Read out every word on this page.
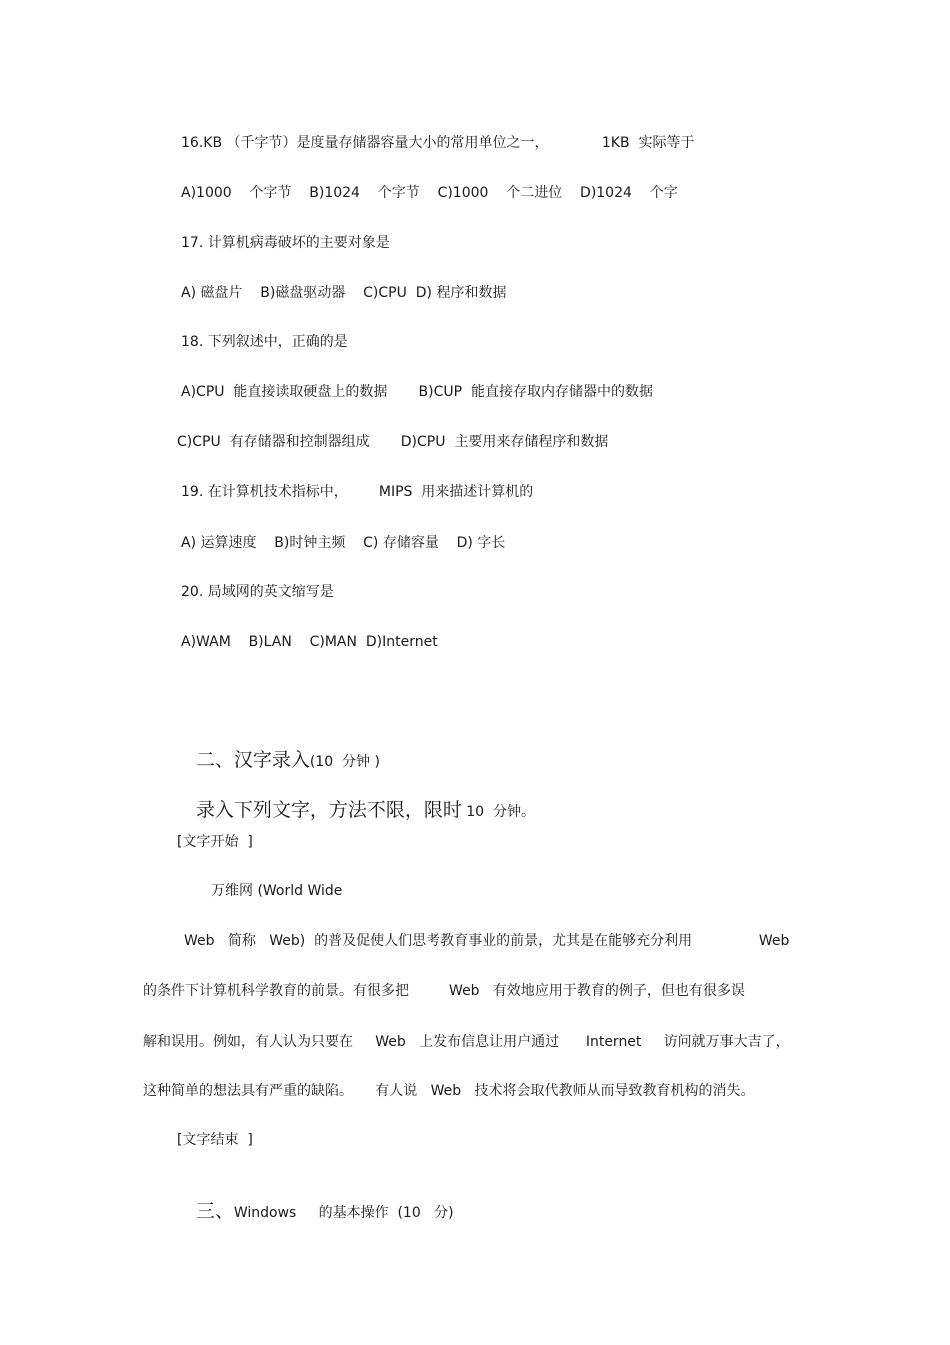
16.KB （千字节）是度量存储器容量大小的常用单位之一，            1KB  实际等于
A)1000    个字节    B)1024    个字节    C)1000    个二进位    D)1024    个字
17. 计算机病毒破坏的主要对象是
A) 磁盘片    B)磁盘驱动器    C)CPU  D) 程序和数据
18. 下列叙述中，正确的是
A)CPU  能直接读取硬盘上的数据       B)CUP  能直接存取内存储器中的数据
C)CPU  有存储器和控制器组成       D)CPU  主要用来存储程序和数据
19. 在计算机技术指标中，       MIPS  用来描述计算机的
A) 运算速度    B)时钟主频    C) 存储容量    D) 字长
20. 局域网的英文缩写是
A)WAM    B)LAN    C)MAN  D)Internet

二、汉字录入(10  分钟 )

录入下列文字，方法不限，限时 10  分钟。

[文字开始  ]
万维网 (World Wide
Web   简称   Web)  的普及促使人们思考教育事业的前景，尤其是在能够充分利用               Web
的条件下计算机科学教育的前景。有很多把         Web   有效地应用于教育的例子，但也有很多误
解和误用。例如，有人认为只要在     Web   上发布信息让用户通过      Internet     访问就万事大吉了，
这种简单的想法具有严重的缺陷。     有人说   Web   技术将会取代教师从而导致教育机构的消失。
[文字结束  ]

三、Windows     的基本操作  (10   分)
